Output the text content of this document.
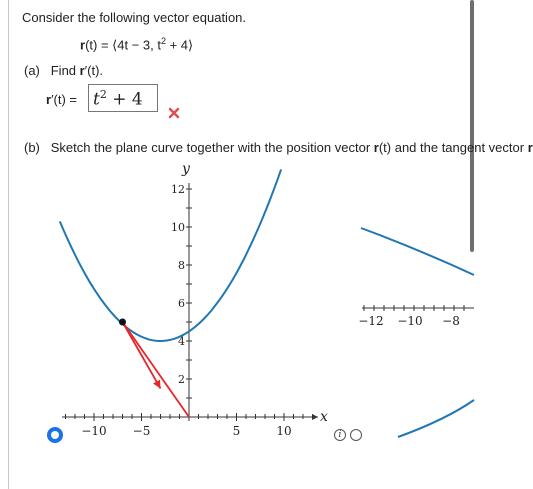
Consider the following vector equation.
r(t) = ⟨4t − 3, $t^2$ + 4⟩
(a) Find r′(t).
$r'(t) = t^2 + 4$
(b) Sketch the plane curve together with the position vector r(t) and the tangent vector r
−10 −5	5	10
2
4
6
8
10
12
y
x
−12 −10 −8
i
